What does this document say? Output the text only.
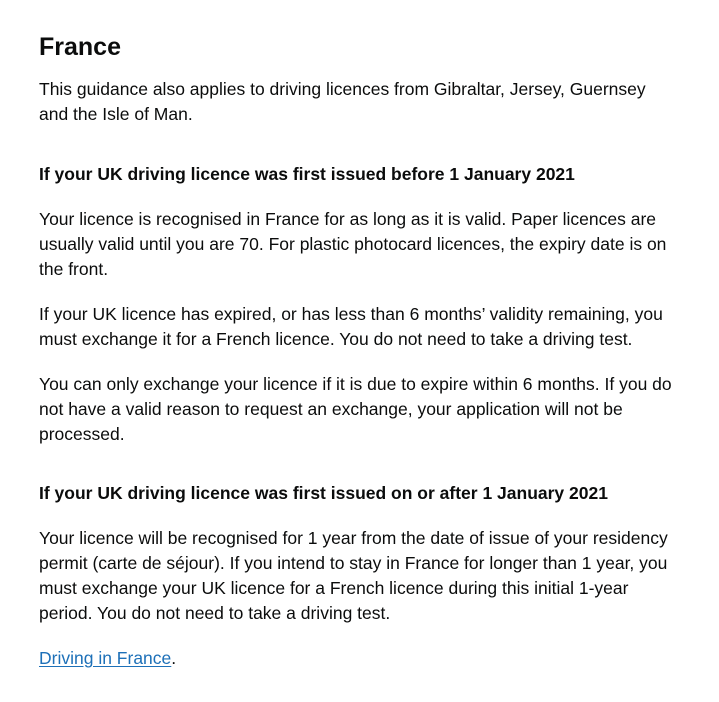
France

This guidance also applies to driving licences from Gibraltar, Jersey, Guernsey and the Isle of Man.

If your UK driving licence was first issued before 1 January 2021

Your licence is recognised in France for as long as it is valid. Paper licences are usually valid until you are 70. For plastic photocard licences, the expiry date is on the front.

If your UK licence has expired, or has less than 6 months’ validity remaining, you must exchange it for a French licence. You do not need to take a driving test.

You can only exchange your licence if it is due to expire within 6 months. If you do not have a valid reason to request an exchange, your application will not be processed.

If your UK driving licence was first issued on or after 1 January 2021

Your licence will be recognised for 1 year from the date of issue of your residency permit (carte de séjour). If you intend to stay in France for longer than 1 year, you must exchange your UK licence for a French licence during this initial 1-year period. You do not need to take a driving test.

Driving in France.
